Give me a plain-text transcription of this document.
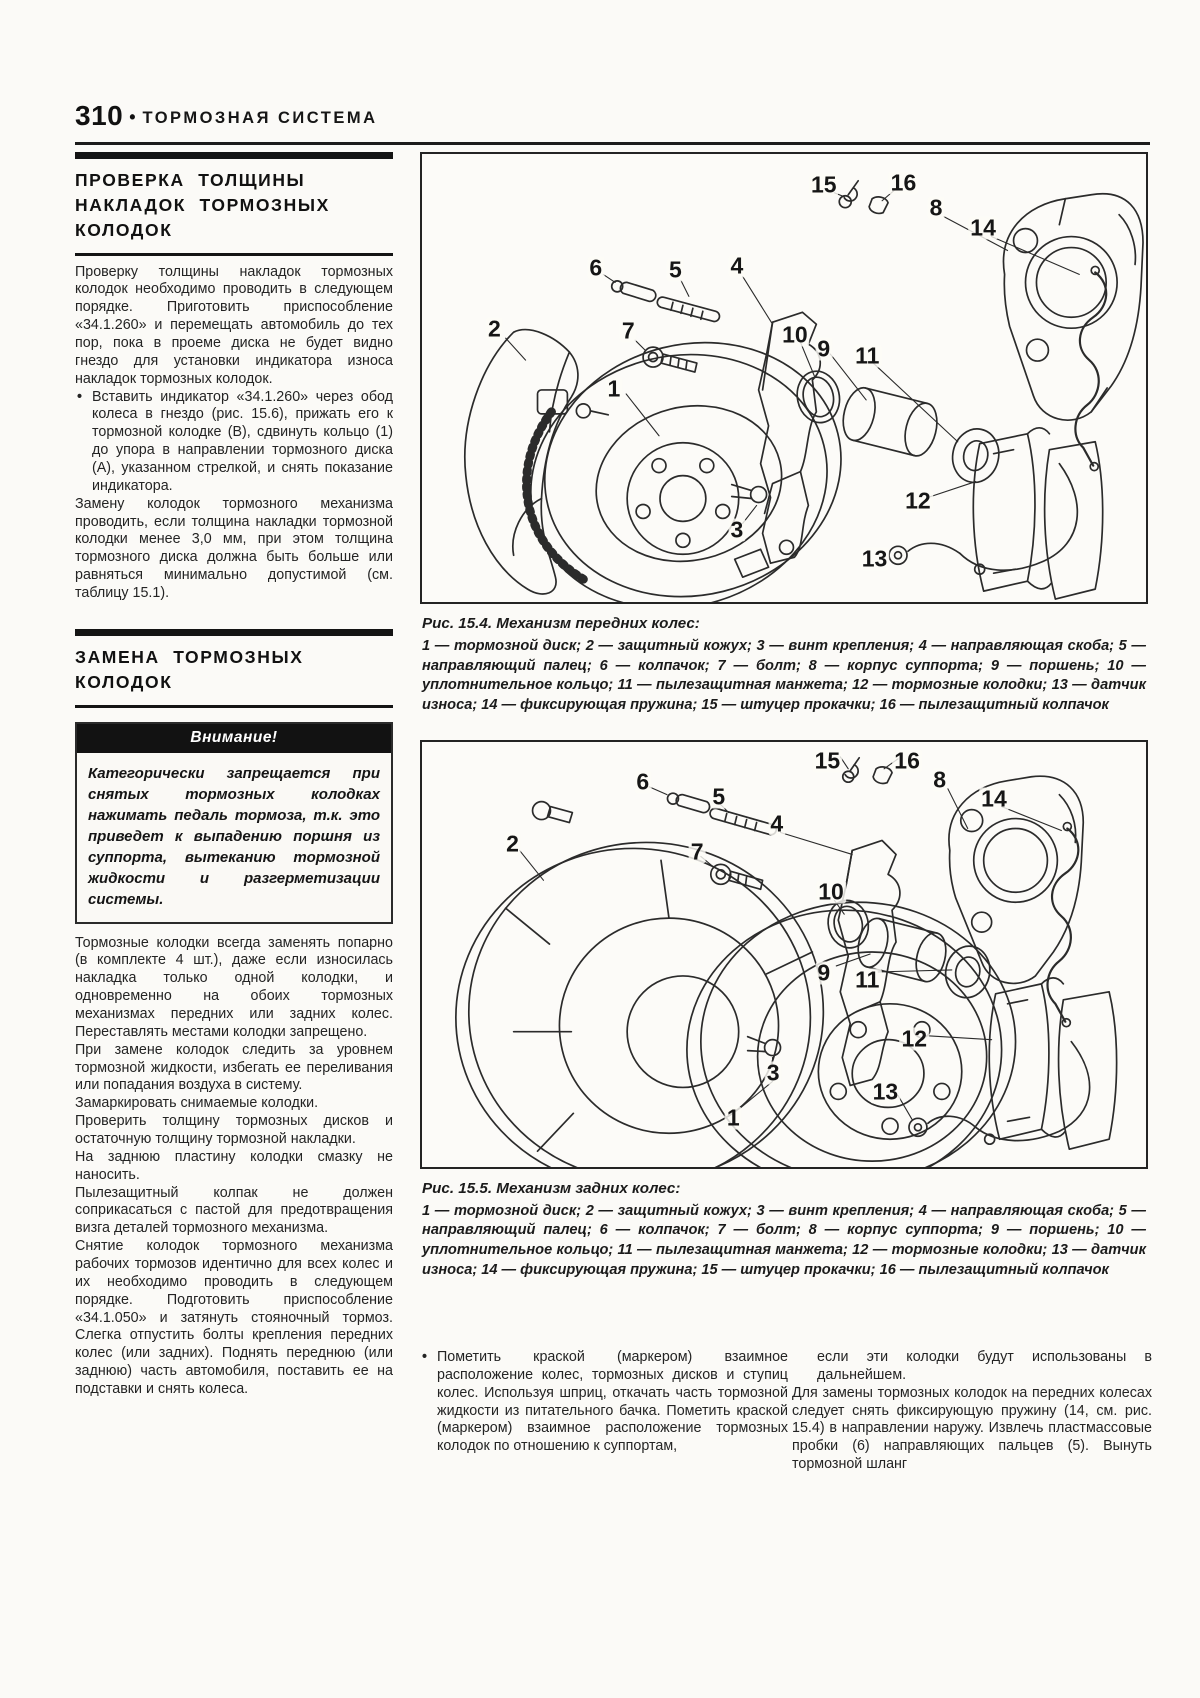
310 • ТОРМОЗНАЯ СИСТЕМА
ПРОВЕРКА ТОЛЩИНЫ НАКЛАДОК ТОРМОЗНЫХ КОЛОДОК

Проверку толщины накладок тормозных колодок необходимо проводить в следующем порядке. Приготовить приспособление «34.1.260» и перемещать автомобиль до тех пор, пока в проеме диска не будет видно гнездо для установки индикатора износа накладок тормозных колодок.

• Вставить индикатор «34.1.260» через обод колеса в гнездо (рис. 15.6), прижать его к тормозной колодке (В), сдвинуть кольцо (1) до упора в направлении тормозного диска (А), указанном стрелкой, и снять показание индикатора.

Замену колодок тормозного механизма проводить, если толщина накладки тормозной колодки менее 3,0 мм, при этом толщина тормозного диска должна быть больше или равняться минимально допустимой (см. таблицу 15.1).

ЗАМЕНА ТОРМОЗНЫХ КОЛОДОК
Внимание!
Категорически запрещается при снятых тормозных колодках нажимать педаль тормоза, т.к. это приведет к выпадению поршня из суппорта, вытеканию тормозной жидкости и разгерметизации системы.

Тормозные колодки всегда заменять попарно (в комплекте 4 шт.), даже если износилась накладка только одной колодки, и одновременно на обоих тормозных механизмах передних или задних колес. Переставлять местами колодки запрещено.

При замене колодок следить за уровнем тормозной жидкости, избегать ее переливания или попадания воздуха в систему.

Замаркировать снимаемые колодки.

Проверить толщину тормозных дисков и остаточную толщину тормозной накладки.

На заднюю пластину колодки смазку не наносить.

Пылезащитный колпак не должен соприкасаться с пастой для предотвращения визга деталей тормозного механизма.

Снятие колодок тормозного механизма рабочих тормозов идентично для всех колес и их необходимо проводить в следующем порядке. Подготовить приспособление «34.1.050» и затянуть стояночный тормоз. Слегка отпустить болты крепления передних колес (или задних). Поднять переднюю (или заднюю) часть автомобиля, поставить ее на подставки и снять колеса.

15 16
8
14
6	5 4
7
2	10
9 11
1
3
12
13
Рис. 15.4. Механизм передних колес:
1 — тормозной диск; 2 — защитный кожух; 3 — винт крепления; 4 — направляющая скоба; 5 — направляющий палец; 6 — колпачок; 7 — болт; 8 — корпус суппорта; 9 — поршень; 10 — уплотнительное кольцо; 11 — пылезащитная манжета; 12 — тормозные колодки; 13 — датчик износа; 14 — фиксирующая пружина; 15 — штуцер прокачки; 16 — пылезащитный колпачок
15 16
8
14
6
5
4
2	7
10
9 11
3
12
13
1
Рис. 15.5. Механизм задних колес:
1 — тормозной диск; 2 — защитный кожух; 3 — винт крепления; 4 — направляющая скоба; 5 — направляющий палец; 6 — колпачок; 7 — болт; 8 — корпус суппорта; 9 — поршень; 10 — уплотнительное кольцо; 11 — пылезащитная манжета; 12 — тормозные колодки; 13 — датчик износа; 14 — фиксирующая пружина; 15 — штуцер прокачки; 16 — пылезащитный колпачок
• Пометить краской (маркером) взаимное расположение колес, тормозных дисков и ступиц колес. Используя шприц, откачать часть тормозной жидкости из питательного бачка. Пометить краской (маркером) взаимное расположение тормозных колодок по отношению к суппортам,

если эти колодки будут использованы в дальнейшем.

Для замены тормозных колодок на передних колесах следует снять фиксирующую пружину (14, см. рис. 15.4) в направлении наружу. Извлечь пластмассовые пробки (6) направляющих пальцев (5). Вынуть тормозной шланг
